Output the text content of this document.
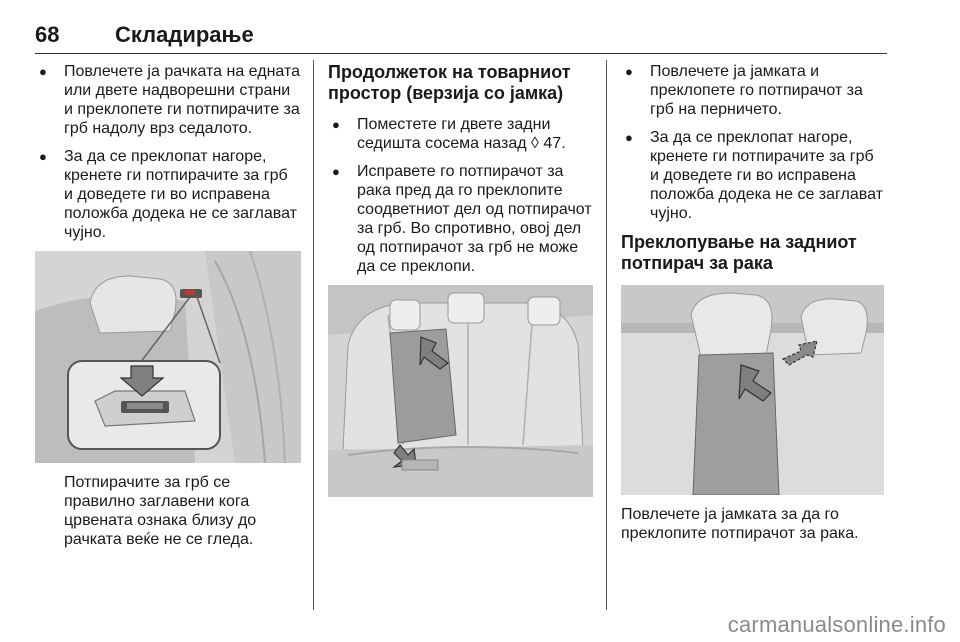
68	Складирање
● Повлечете ја рачката на едната или двете надворешни страни и преклопете ги потпирачите за грб надолу врз седалото.
● За да се преклопат нагоре, кренете ги потпирачите за грб и доведете ги во исправена положба додека не се заглават чујно.

Потпирачите за грб се правилно заглавени кога црвената ознака близу до рачката веќе не се гледа.

Продолжеток на товарниот простор (верзија со јамка)
● Поместете ги двете задни седишта сосема назад ◊ 47.
● Исправете го потпирачот за рака пред да го преклопите соодветниот дел од потпирачот за грб. Во спротивно, овој дел од потпирачот за грб не може да се преклопи.
● Повлечете ја јамката и преклопете го потпирачот за грб на перничето.
● За да се преклопат нагоре, кренете ги потпирачите за грб и доведете ги во исправена положба додека не се заглават чујно.
Преклопување на задниот потпирач за рака

Повлечете ја јамката за да го преклопите потпирачот за рака.

carmanualsonline.info
